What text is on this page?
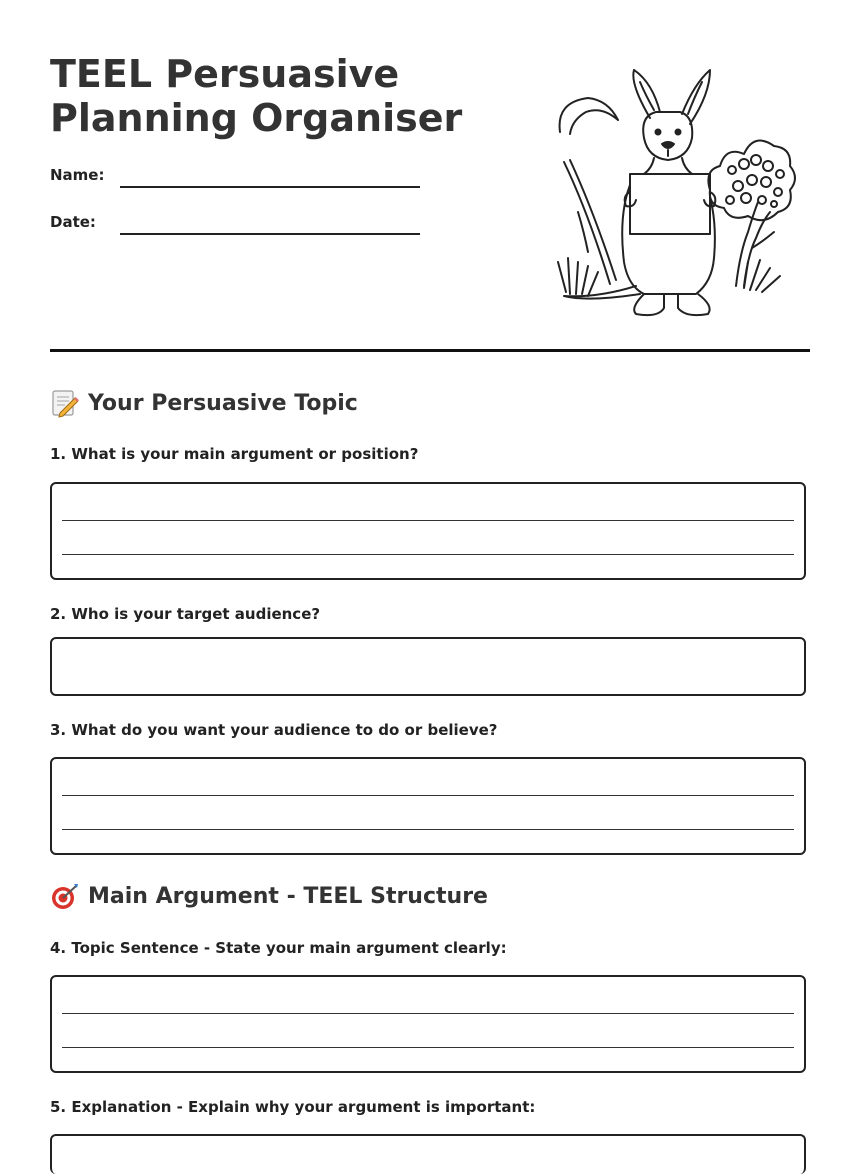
TEEL Persuasive
Planning Organiser
Name:
Date:
Your Persuasive Topic
1. What is your main argument or position?
2. Who is your target audience?
3. What do you want your audience to do or believe?
Main Argument - TEEL Structure
4. Topic Sentence - State your main argument clearly:
5. Explanation - Explain why your argument is important:
